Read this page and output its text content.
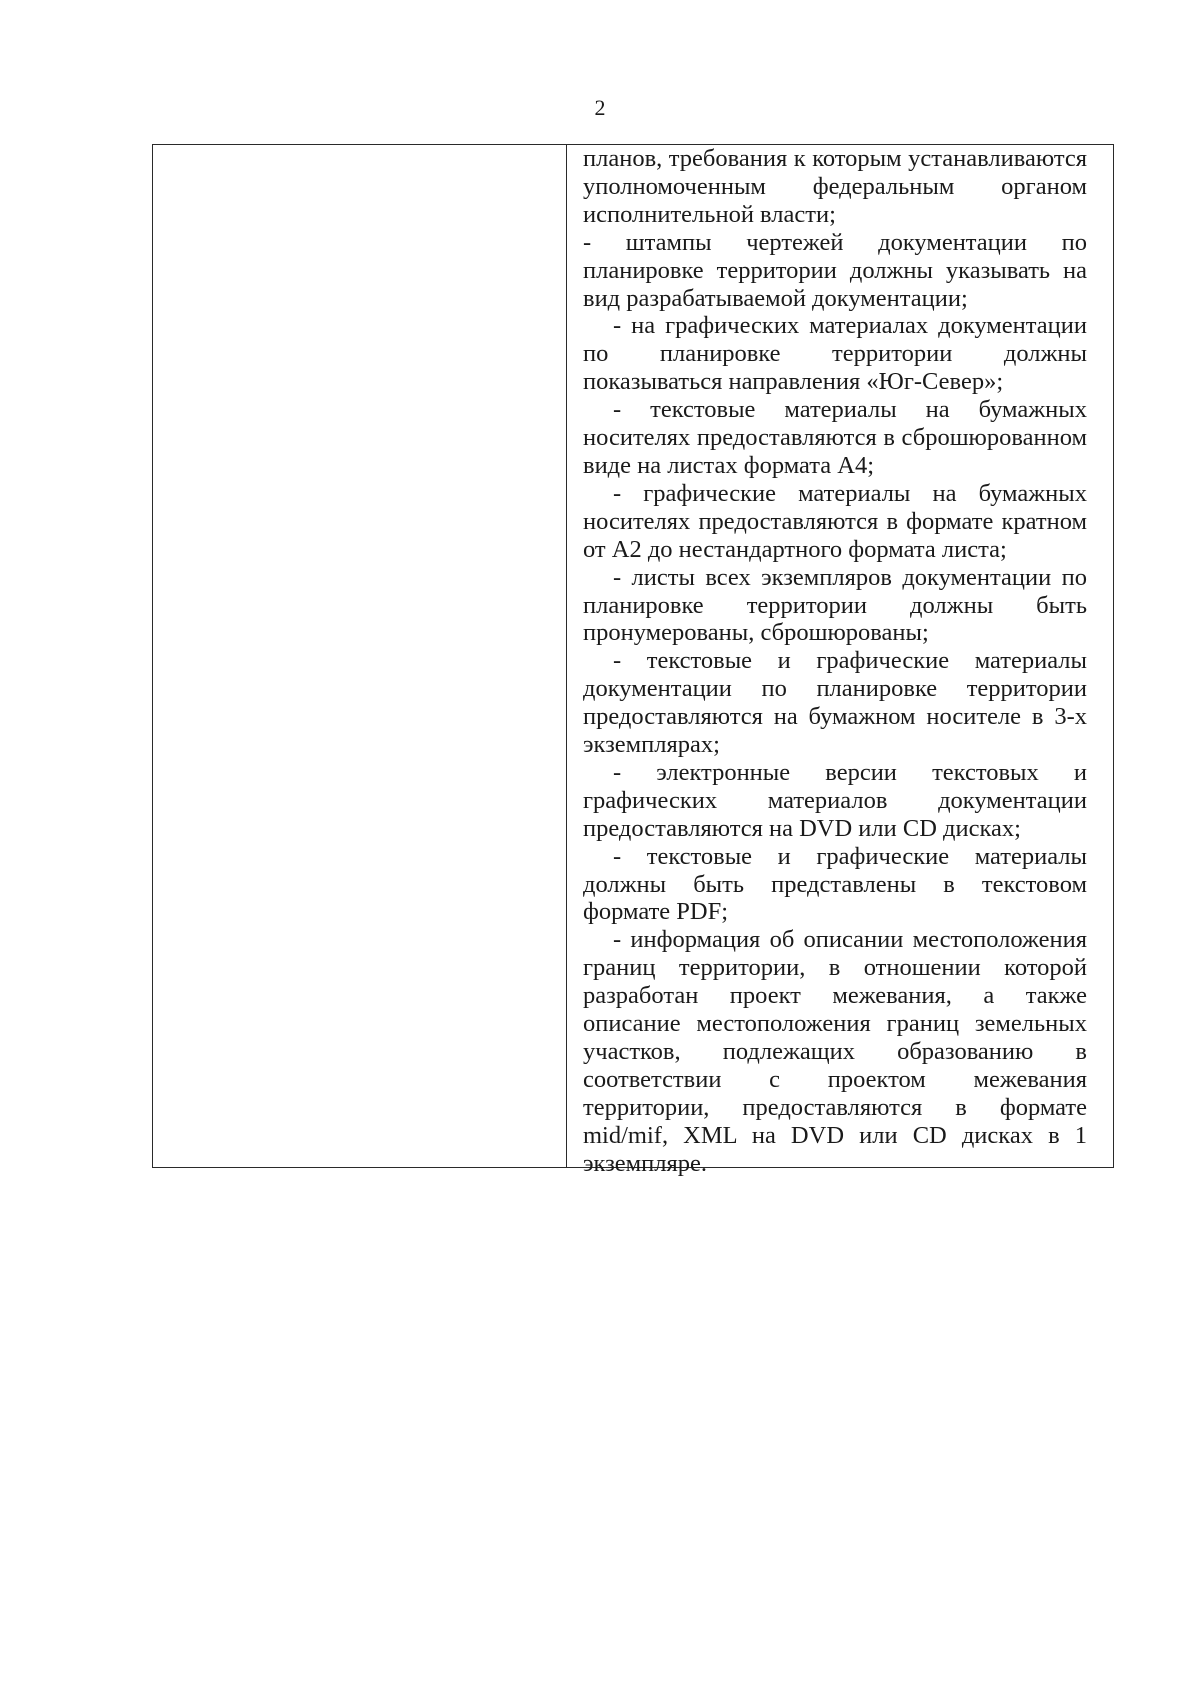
2

планов, требования к которым устанавливаются уполномоченным федеральным органом исполнительной власти;

- штампы чертежей документации по планировке территории должны указывать на вид разрабатываемой документации;

- на графических материалах документации по планировке территории должны показываться направления «Юг-Север»;

- текстовые материалы на бумажных носителях предоставляются в сброшюрованном виде на листах формата А4;

- графические материалы на бумажных носителях предоставляются в формате кратном от А2 до нестандартного формата листа;

- листы всех экземпляров документации по планировке территории должны быть пронумерованы, сброшюрованы;

- текстовые и графические материалы документации по планировке территории предоставляются на бумажном носителе в 3-х экземплярах;

- электронные версии текстовых и графических материалов документации предоставляются на DVD или CD дисках;

- текстовые и графические материалы должны быть представлены в текстовом формате PDF;

- информация об описании местоположения границ территории, в отношении которой разработан проект межевания, а также описание местоположения границ земельных участков, подлежащих образованию в соответствии с проектом межевания территории, предоставляются в формате mid/mif, XML на DVD или CD дисках в 1 экземпляре.
